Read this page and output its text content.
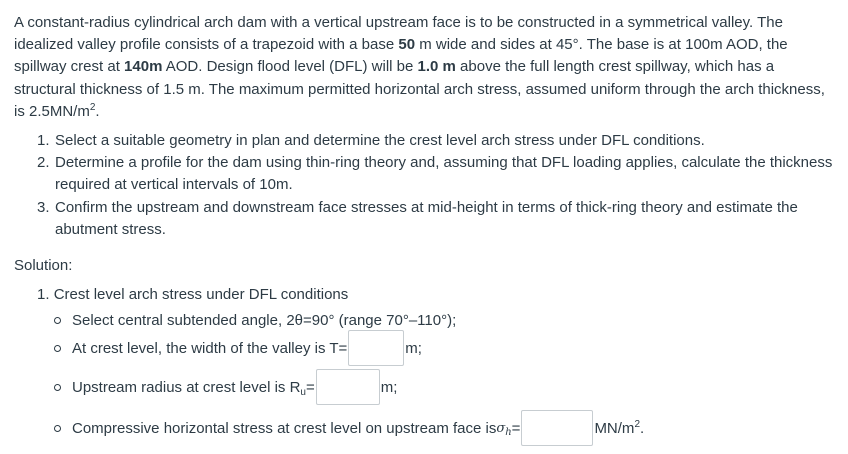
A constant-radius cylindrical arch dam with a vertical upstream face is to be constructed in a symmetrical valley. The idealized valley profile consists of a trapezoid with a base 50 m wide and sides at 45°. The base is at 100m AOD, the spillway crest at 140m AOD. Design flood level (DFL) will be 1.0 m above the full length crest spillway, which has a structural thickness of 1.5 m. The maximum permitted horizontal arch stress, assumed uniform through the arch thickness, is $2.5MN/m^2$.

1. Select a suitable geometry in plan and determine the crest level arch stress under DFL conditions.
2. Determine a profile for the dam using thin-ring theory and, assuming that DFL loading applies, calculate the thickness required at vertical intervals of 10m.
3. Confirm the upstream and downstream face stresses at mid-height in terms of thick-ring theory and estimate the abutment stress.
Solution:
1. Crest level arch stress under DFL conditions
Select central subtended angle, 2θ=90° (range 70°–110°);
At crest level, the width of the valley is T=	m;
Upstream radius at crest level is $R_u=$	m;
Compressive horizontal stress at crest level on upstream face is $\sigma_h$ =	$MN/m^2$.
